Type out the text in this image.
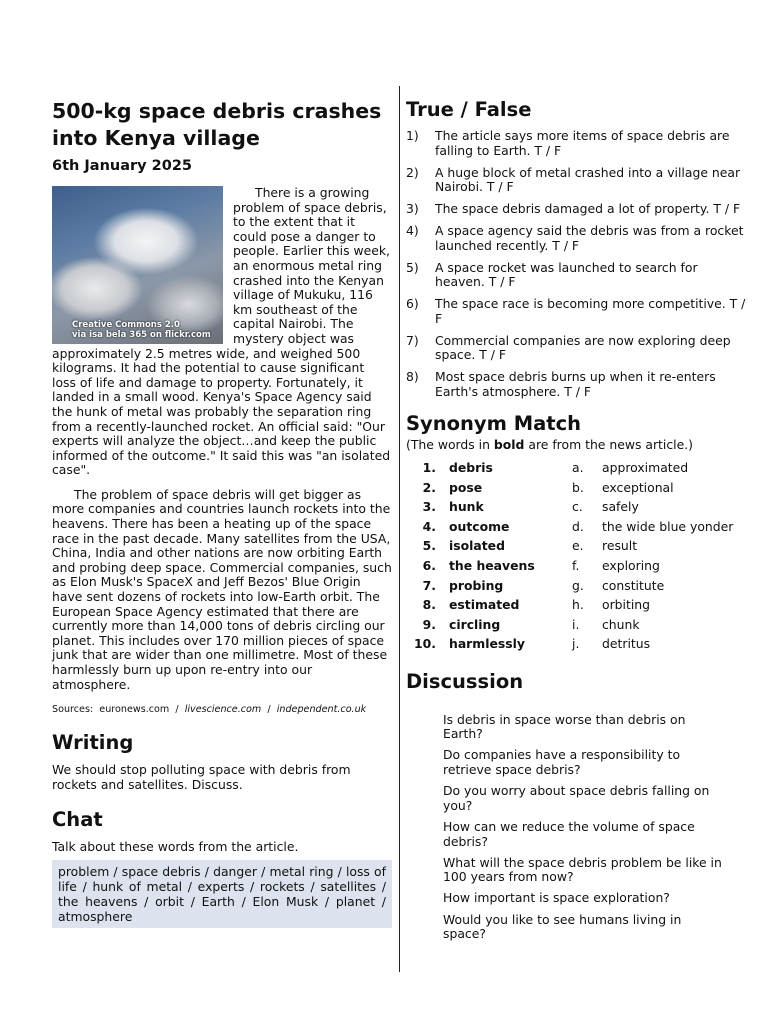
500-kg space debris crashes into Kenya village
6th January 2025
Creative Commons 2.0
via isa bela 365 on flickr.com

There is a growing problem of space debris, to the extent that it could pose a danger to people. Earlier this week, an enormous metal ring crashed into the Kenyan village of Mukuku, 116 km southeast of the capital Nairobi. The mystery object was approximately 2.5 metres wide, and weighed 500 kilograms. It had the potential to cause significant loss of life and damage to property. Fortunately, it landed in a small wood. Kenya's Space Agency said the hunk of metal was probably the separation ring from a recently-launched rocket. An official said: "Our experts will analyze the object…and keep the public informed of the outcome." It said this was "an isolated case".

The problem of space debris will get bigger as more companies and countries launch rockets into the heavens. There has been a heating up of the space race in the past decade. Many satellites from the USA, China, India and other nations are now orbiting Earth and probing deep space. Commercial companies, such as Elon Musk's SpaceX and Jeff Bezos' Blue Origin have sent dozens of rockets into low-Earth orbit. The European Space Agency estimated that there are currently more than 14,000 tons of debris circling our planet. This includes over 170 million pieces of space junk that are wider than one millimetre. Most of these harmlessly burn up upon re-entry into our atmosphere.

Sources: euronews.com / livescience.com / independent.co.uk
Writing

We should stop polluting space with debris from rockets and satellites. Discuss.

Chat

Talk about these words from the article.

problem / space debris / danger / metal ring / loss of life / hunk of metal / experts / rockets / satellites / the heavens / orbit / Earth / Elon Musk / planet / atmosphere
True / False
1)	The article says more items of space debris are falling to Earth. T / F
2)	A huge block of metal crashed into a village near Nairobi. T / F
3)	The space debris damaged a lot of property. T / F
4)	A space agency said the debris was from a rocket launched recently. T / F
5)	A space rocket was launched to search for heaven. T / F
6)	The space race is becoming more competitive. T / F
7)	Commercial companies are now exploring deep space. T / F
8)	Most space debris burns up when it re-enters Earth's atmosphere. T / F
Synonym Match

(The words in bold are from the news article.)

1.	debris	a.	approximated
2.	pose	b.	exceptional
3.	hunk	c.	safely
4.	outcome	d.	the wide blue yonder
5.	isolated	e.	result
6.	the heavens	f.	exploring
7.	probing	g.	constitute
8.	estimated	h.	orbiting
9.	circling	i.	chunk
10.	harmlessly	j.	detritus
Discussion
Is debris in space worse than debris on Earth?
Do companies have a responsibility to retrieve space debris?
Do you worry about space debris falling on you?
How can we reduce the volume of space debris?
What will the space debris problem be like in 100 years from now?
How important is space exploration?
Would you like to see humans living in space?
